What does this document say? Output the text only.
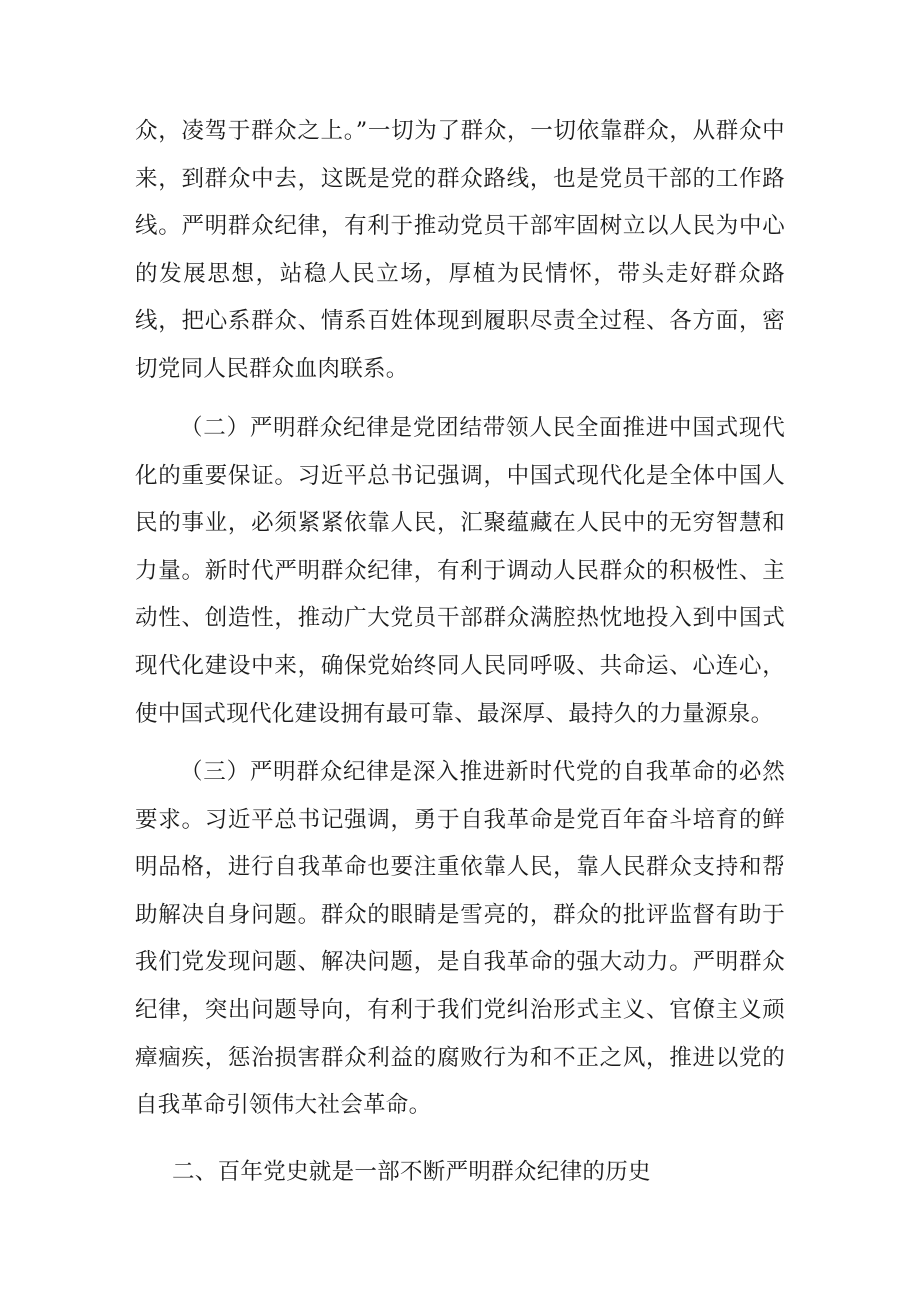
众，凌驾于群众之上。”一切为了群众，一切依靠群众，从群众中来，到群众中去，这既是党的群众路线，也是党员干部的工作路线。严明群众纪律，有利于推动党员干部牢固树立以人民为中心的发展思想，站稳人民立场，厚植为民情怀，带头走好群众路线，把心系群众、情系百姓体现到履职尽责全过程、各方面，密切党同人民群众血肉联系。

（二）严明群众纪律是党团结带领人民全面推进中国式现代化的重要保证。习近平总书记强调，中国式现代化是全体中国人民的事业，必须紧紧依靠人民，汇聚蕴藏在人民中的无穷智慧和力量。新时代严明群众纪律，有利于调动人民群众的积极性、主动性、创造性，推动广大党员干部群众满腔热忱地投入到中国式现代化建设中来，确保党始终同人民同呼吸、共命运、心连心，使中国式现代化建设拥有最可靠、最深厚、最持久的力量源泉。

（三）严明群众纪律是深入推进新时代党的自我革命的必然要求。习近平总书记强调，勇于自我革命是党百年奋斗培育的鲜明品格，进行自我革命也要注重依靠人民，靠人民群众支持和帮助解决自身问题。群众的眼睛是雪亮的，群众的批评监督有助于我们党发现问题、解决问题，是自我革命的强大动力。严明群众纪律，突出问题导向，有利于我们党纠治形式主义、官僚主义顽瘴痼疾，惩治损害群众利益的腐败行为和不正之风，推进以党的自我革命引领伟大社会革命。

二、百年党史就是一部不断严明群众纪律的历史
